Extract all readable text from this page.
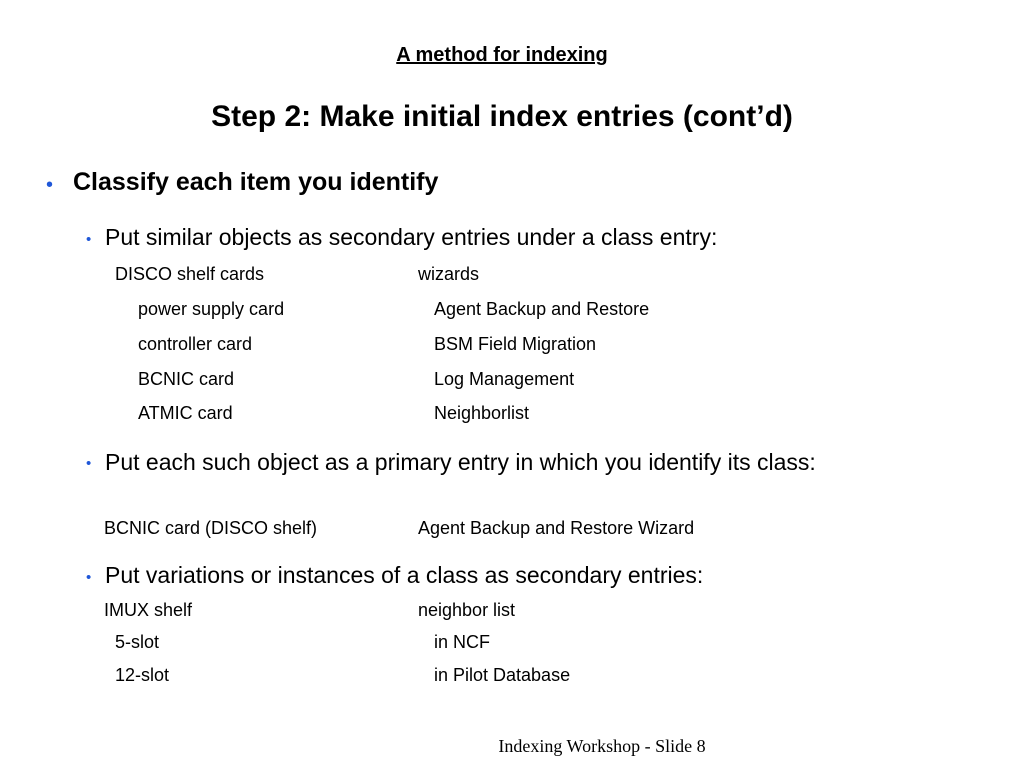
A method for indexing
Step 2: Make initial index entries (cont’d)
• Classify each item you identify
• Put similar objects as secondary entries under a class entry:
DISCO shelf cards
power supply card
controller card
BCNIC card
ATMIC card
wizards
Agent Backup and Restore
BSM Field Migration
Log Management
Neighborlist
• Put each such object as a primary entry in which you identify its class:
BCNIC card (DISCO shelf)	Agent Backup and Restore Wizard
• Put variations or instances of a class as secondary entries:
IMUX shelf
5-slot
12-slot
neighbor list
in NCF
in Pilot Database
Indexing Workshop - Slide 8
